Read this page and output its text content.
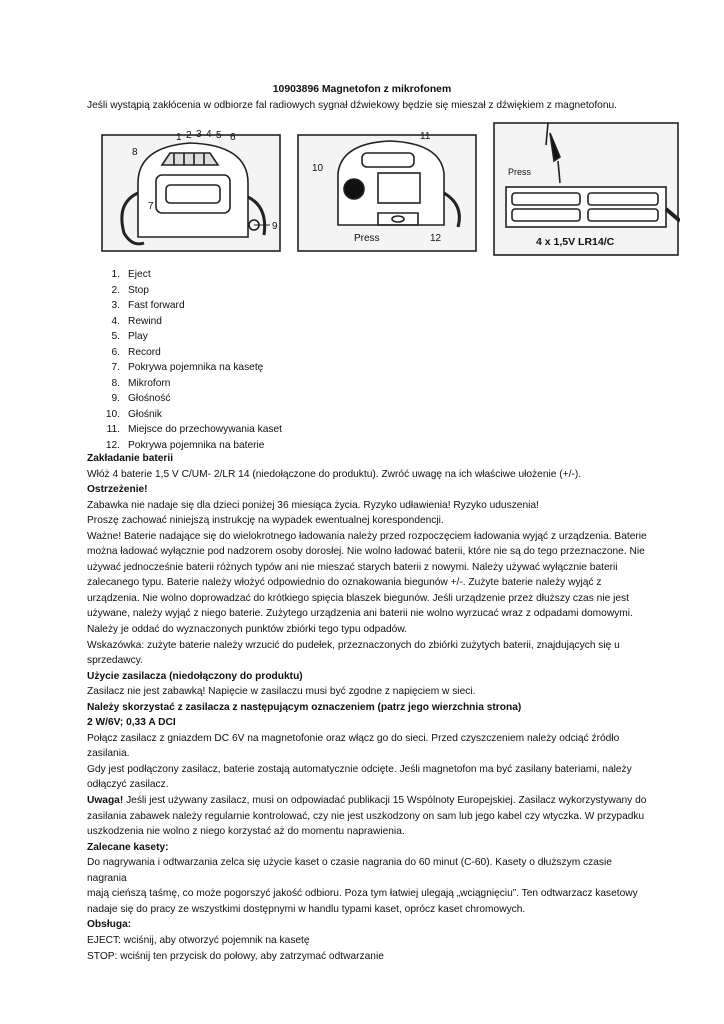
10903896 Magnetofon z mikrofonem
Jeśli wystąpią zakłócenia w odbiorze fal radiowych sygnał dźwiekowy będzie się mieszał z dźwiękiem z magnetofonu.
1 2 3 4 5 6
7
8
9
10
11
12
Press
Press
4 x 1,5V LR14/C
1. Eject
2. Stop
3. Fast forward
4. Rewind
5. Play
6. Record
7. Pokrywa pojemnika na kasetę
8. Mikroforn
9. Głośność
10. Głośnik
11. Miejsce do przechowywania kaset
12. Pokrywa pojemnika na baterie

Zakładanie baterii

Włóż 4 baterie 1,5 V C/UM- 2/LR 14 (niedołączone do produktu). Zwróć uwagę na ich właściwe ułożenie (+/-).

Ostrzeżenie!

Zabawka nie nadaje się dla dzieci poniżej 36 miesiąca życia. Ryzyko udławienia! Ryzyko uduszenia!

Proszę zachować niniejszą instrukcję na wypadek ewentualnej korespondencji.

Ważne! Baterie nadające się do wielokrotnego ładowania należy przed rozpoczęciem ładowania wyjąć z urządzenia. Baterie

można ładować wyłącznie pod nadzorem osoby dorosłej. Nie wolno ładować baterii, które nie są do tego przeznaczone. Nie

używać jednocześnie baterii różnych typów ani nie mieszać starych baterii z nowymi. Należy używać wyłącznie baterii

zalecanego typu. Baterie należy włożyć odpowiednio do oznakowania biegunów +/-. Zużyte baterie należy wyjąć z

urządzenia. Nie wolno doprowadzać do krótkiego spięcia blaszek biegunów. Jeśli urządzenie przez dłuższy czas nie jest

używane, należy wyjąć z niego baterie. Zużytego urządzenia ani baterii nie wolno wyrzucać wraz z odpadami domowymi.

Należy je oddać do wyznaczonych punktów zbiórki tego typu odpadów.

Wskazówka: zużyte baterie należy wrzucić do pudełek, przeznaczonych do zbiórki zużytych baterii, znajdujących się u

sprzedawcy.

Użycie zasilacza (niedołączony do produktu)

Zasilacz nie jest zabawką! Napięcie w zasilaczu musi być zgodne z napięciem w sieci.

Należy skorzystać z zasilacza z następującym oznaczeniem (patrz jego wierzchnia strona)

2 W/6V; 0,33 A DCI

Połącz zasilacz z gniazdem DC 6V na magnetofonie oraz włącz go do sieci. Przed czyszczeniem należy odciąć źródło zasilania.

Gdy jest podłączony zasilacz, baterie zostają automatycznie odcięte. Jeśli magnetofon ma być zasilany bateriami, należy

odłączyć zasilacz.

Uwaga! Jeśli jest używany zasilacz, musi on odpowiadać publikacji 15 Wspólnoty Europejskiej. Zasilacz wykorzystywany do

zasilania zabawek należy regularnie kontrolować, czy nie jest uszkodzony on sam lub jego kabel czy wtyczka. W przypadku

uszkodzenia nie wolno z niego korzystać aż do momentu naprawienia.

Zalecane kasety:

Do nagrywania i odtwarzania zelca się użycie kaset o czasie nagrania do 60 minut (C-60). Kasety o dłuższym czasie nagrania

mają cieńszą taśmę, co może pogorszyć jakość odbioru. Poza tym łatwiej ulegają „wciągnięciu”. Ten odtwarzacz kasetowy

nadaje się do pracy ze wszystkimi dostępnymi w handlu typami kaset, oprócz kaset chromowych.

Obsługa:

EJECT: wciśnij, aby otworzyć pojemnik na kasetę

STOP: wciśnij ten przycisk do połowy, aby zatrzymać odtwarzanie
